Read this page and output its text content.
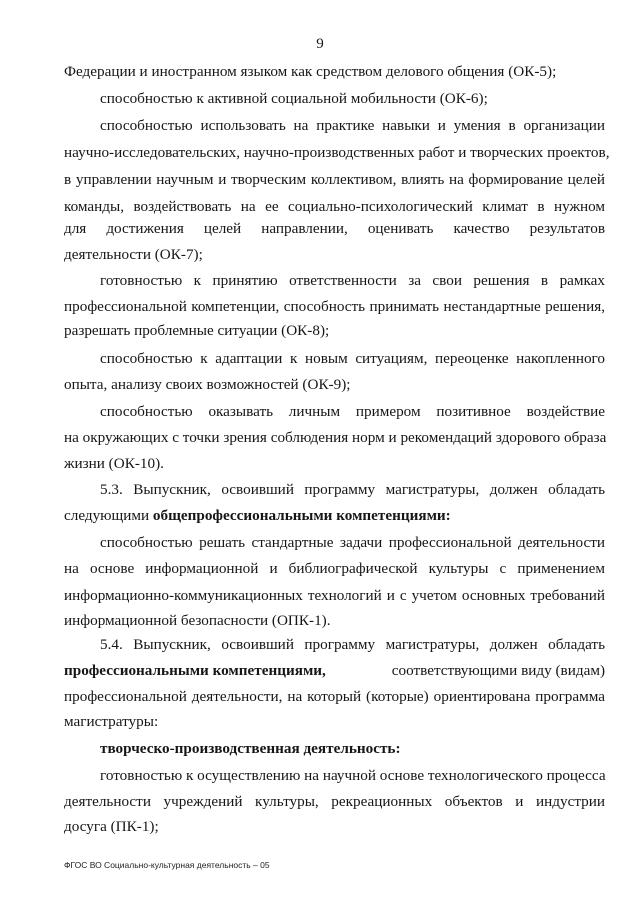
9
Федерации и иностранном языком как средством делового общения (ОК-5);
способностью к активной социальной мобильности (ОК-6);
способностью использовать на практике навыки и умения в организации
научно-исследовательских, научно-производственных работ и творческих проектов,
в управлении научным и творческим коллективом, влиять на формирование целей
команды, воздействовать на ее социально-психологический климат в нужном
для достижения целей направлении, оценивать качество результатов
деятельности (ОК-7);
готовностью к принятию ответственности за свои решения в рамках
профессиональной компетенции, способность принимать нестандартные решения,
разрешать проблемные ситуации (ОК-8);
способностью к адаптации к новым ситуациям, переоценке накопленного
опыта, анализу своих возможностей (ОК-9);
способностью оказывать личным примером позитивное воздействие
на окружающих с точки зрения соблюдения норм и рекомендаций здорового образа
жизни (ОК-10).
5.3. Выпускник, освоивший программу магистратуры, должен обладать
следующими общепрофессиональными компетенциями:
способностью решать стандартные задачи профессиональной деятельности
на основе информационной и библиографической культуры с применением
информационно-коммуникационных технологий и с учетом основных требований
информационной безопасности (ОПК-1).
5.4. Выпускник, освоивший программу магистратуры, должен обладать
профессиональными компетенциями,	соответствующими виду (видам)
профессиональной деятельности, на который (которые) ориентирована программа
магистратуры:
творческо-производственная деятельность:
готовностью к осуществлению на научной основе технологического процесса
деятельности учреждений культуры, рекреационных объектов и индустрии
досуга (ПК-1);
ФГОС ВО Социально-культурная деятельность – 05
